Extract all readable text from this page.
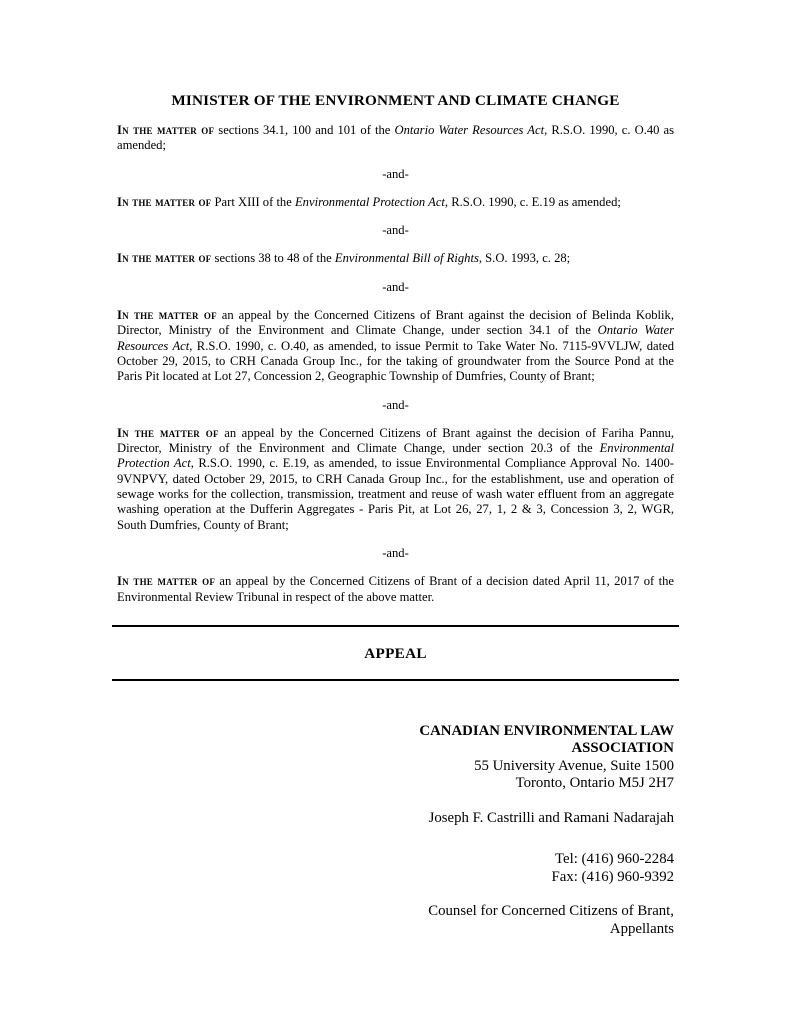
MINISTER OF THE ENVIRONMENT AND CLIMATE CHANGE

In the matter of sections 34.1, 100 and 101 of the Ontario Water Resources Act, R.S.O. 1990, c. O.40 as amended;

-and-

In the matter of Part XIII of the Environmental Protection Act, R.S.O. 1990, c. E.19 as amended;

-and-

In the matter of sections 38 to 48 of the Environmental Bill of Rights, S.O. 1993, c. 28;

-and-

In the matter of an appeal by the Concerned Citizens of Brant against the decision of Belinda Koblik, Director, Ministry of the Environment and Climate Change, under section 34.1 of the Ontario Water Resources Act, R.S.O. 1990, c. O.40, as amended, to issue Permit to Take Water No. 7115-9VVLJW, dated October 29, 2015, to CRH Canada Group Inc., for the taking of groundwater from the Source Pond at the Paris Pit located at Lot 27, Concession 2, Geographic Township of Dumfries, County of Brant;

-and-

In the matter of an appeal by the Concerned Citizens of Brant against the decision of Fariha Pannu, Director, Ministry of the Environment and Climate Change, under section 20.3 of the Environmental Protection Act, R.S.O. 1990, c. E.19, as amended, to issue Environmental Compliance Approval No. 1400-9VNPVY, dated October 29, 2015, to CRH Canada Group Inc., for the establishment, use and operation of sewage works for the collection, transmission, treatment and reuse of wash water effluent from an aggregate washing operation at the Dufferin Aggregates - Paris Pit, at Lot 26, 27, 1, 2 & 3, Concession 3, 2, WGR, South Dumfries, County of Brant;

-and-

In the matter of an appeal by the Concerned Citizens of Brant of a decision dated April 11, 2017 of the Environmental Review Tribunal in respect of the above matter.

APPEAL
CANADIAN ENVIRONMENTAL LAW
ASSOCIATION
55 University Avenue, Suite 1500
Toronto, Ontario M5J 2H7
Joseph F. Castrilli and Ramani Nadarajah
Tel: (416) 960-2284
Fax: (416) 960-9392
Counsel for Concerned Citizens of Brant,
Appellants
